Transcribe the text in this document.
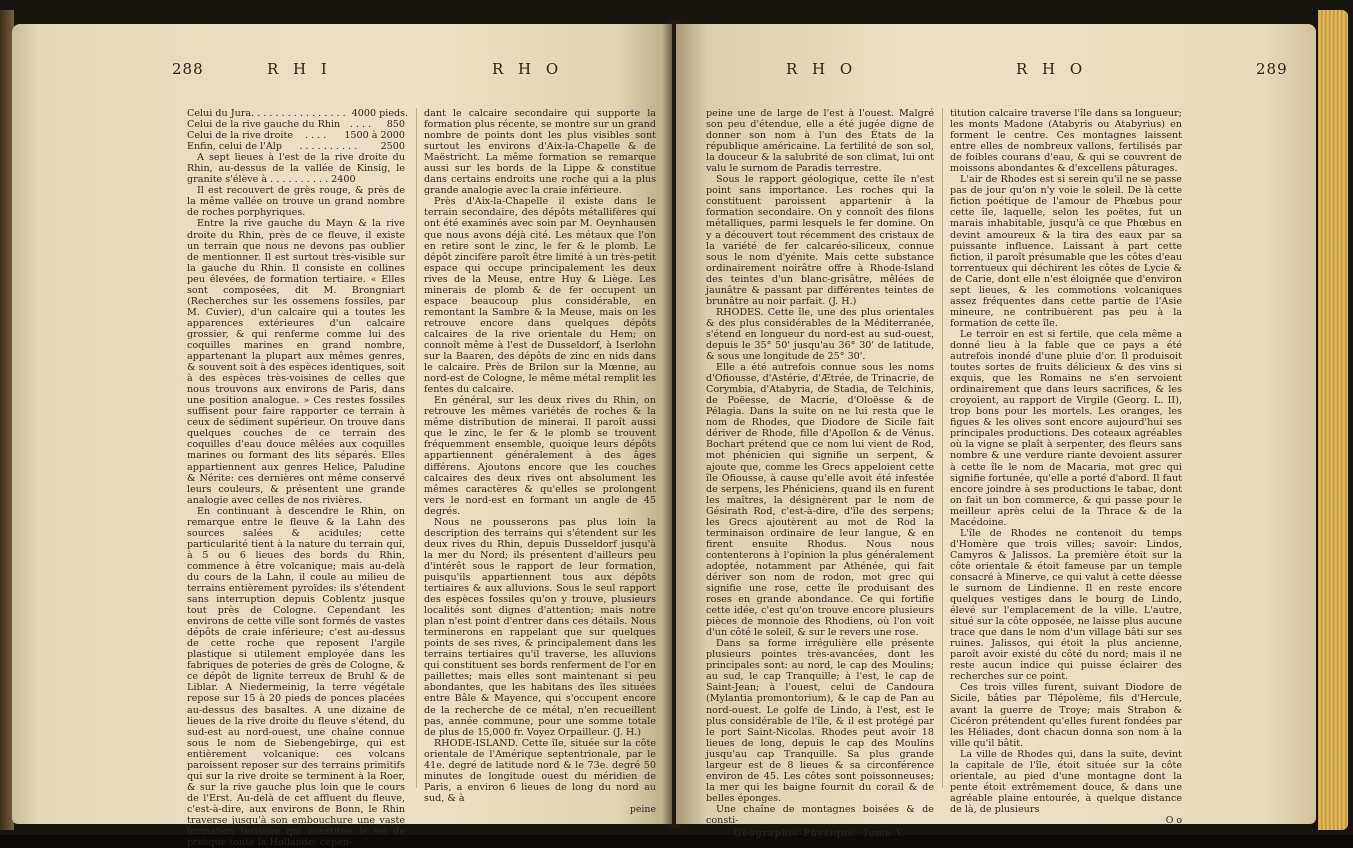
288	R H I	R H O
Celui du Jura . . . . . . . . . . . . . . . . 4000 pieds.
Celui de la rive gauche du Rhin . . . . 850
Celui de la rive droite . . . . 1500 à 2000
Enfin, celui de l'Alp . . . . . . . . . . 2500

A sept lieues à l'est de la rive droite du Rhin, au-dessus de la vallée de Kinsig, le granite s'élève à . . . . . . . . . . 2400

Il est recouvert de grès rouge, & près de la même vallée on trouve un grand nombre de roches porphyriques.

Entre la rive gauche du Mayn & la rive droite du Rhin, près de ce fleuve, il existe un terrain que nous ne devons pas oublier de mentionner. Il est surtout très-visible sur la gauche du Rhin. Il consiste en collines peu élevées, de formation tertiaire. « Elles sont composées, dit M. Brongniart (Recherches sur les ossemens fossiles, par M. Cuvier), d'un calcaire qui a toutes les apparences extérieures d'un calcaire grossier, & qui renferme comme lui des coquilles marines en grand nombre, appartenant la plupart aux mêmes genres, & souvent soit à des espèces identiques, soit à des espèces très-voisines de celles que nous trouvons aux environs de Paris, dans une position analogue. » Ces restes fossiles suffisent pour faire rapporter ce terrain à ceux de sédiment supérieur. On trouve dans quelques couches de ce terrain des coquilles d'eau douce mêlées aux coquilles marines ou formant des lits séparés. Elles appartiennent aux genres Helice, Paludine & Nérite: ces dernières ont même conservé leurs couleurs, & présentent une grande analogie avec celles de nos rivières.

En continuant à descendre le Rhin, on remarque entre le fleuve & la Lahn des sources salées & acidules; cette particularité tient à la nature du terrain qui, à 5 ou 6 lieues des bords du Rhin, commence à être volcanique; mais au-delà du cours de la Lahn, il coule au milieu de terrains entièrement pyroïdes: ils s'étendent sans interruption depuis Coblentz jusque tout près de Cologne. Cependant les environs de cette ville sont formés de vastes dépôts de craie inférieure; c'est au-dessus de cette roche que reposent l'argile plastique si utilement employée dans les fabriques de poteries de grès de Cologne, & ce dépôt de lignite terreux de Bruhl & de Liblar. A Niedermeinig, la terre végétale repose sur 15 à 20 pieds de ponces placées au-dessus des basaltes. A une dizaine de lieues de la rive droite du fleuve s'étend, du sud-est au nord-ouest, une chaîne connue sous le nom de Siebengebirge, qui est entièrement volcanique: ces volcans paroissent reposer sur des terrains primitifs qui sur la rive droite se terminent à la Roer, & sur la rive gauche plus loin que le cours de l'Erst. Au-delà de cet affluent du fleuve, c'est-à-dire, aux environs de Bonn, le Rhin traverse jusqu'à son embouchure une vaste formation tertiaire qui constitue le sol de presque toute la Hollande; cepen-

dant le calcaire secondaire qui supporte la formation plus récente, se montre sur un grand nombre de points dont les plus visibles sont surtout les environs d'Aix-la-Chapelle & de Maëstricht. La même formation se remarque aussi sur les bords de la Lippe & constitue dans certains endroits une roche qui a la plus grande analogie avec la craie inférieure.

Près d'Aix-la-Chapelle il existe dans le terrain secondaire, des dépôts métallifères qui ont été examinés avec soin par M. Oeynhausen que nous avons déjà cité. Les métaux que l'on en retire sont le zinc, le fer & le plomb. Le dépôt zincifère paroît être limité à un très-petit espace qui occupe principalement les deux rives de la Meuse, entre Huy & Liège. Les minerais de plomb & de fer occupent un espace beaucoup plus considérable, en remontant la Sambre & la Meuse, mais on les retrouve encore dans quelques dépôts calcaires de la rive orientale du Hem; on connoît même à l'est de Dusseldorf, à Iserlohn sur la Baaren, des dépôts de zinc en nids dans le calcaire. Près de Brilon sur la Mœnne, au nord-est de Cologne, le même métal remplit les fentes du calcaire.

En général, sur les deux rives du Rhin, on retrouve les mêmes variétés de roches & la même distribution de minerai. Il paroît aussi que le zinc, le fer & le plomb se trouvent fréquemment ensemble, quoique leurs dépôts appartiennent généralement à des âges différens. Ajoutons encore que les couches calcaires des deux rives ont absolument les mêmes caractères & qu'elles se prolongent vers le nord-est en formant un angle de 45 degrés.

Nous ne pousserons pas plus loin la description des terrains qui s'étendent sur les deux rives du Rhin, depuis Dusseldorf jusqu'à la mer du Nord; ils présentent d'ailleurs peu d'intérêt sous le rapport de leur formation, puisqu'ils appartiennent tous aux dépôts tertiaires & aux alluvions. Sous le seul rapport des espèces fossiles qu'on y trouve, plusieurs localités sont dignes d'attention; mais notre plan n'est point d'entrer dans ces détails. Nous terminerons en rappelant que sur quelques points de ses rives, & principalement dans les terrains tertiaires qu'il traverse, les alluvions qui constituent ses bords renferment de l'or en paillettes; mais elles sont maintenant si peu abondantes, que les habitans des îles situées entre Bâle & Mayence, qui s'occupent encore de la recherche de ce métal, n'en recueillent pas, année commune, pour une somme totale de plus de 15,000 fr. Voyez Orpailleur. (J. H.)

RHODE-ISLAND. Cette île, située sur la côte orientale de l'Amérique septentrionale, par le 41e. degré de latitude nord & le 73e. degré 50 minutes de longitude ouest du méridien de Paris, a environ 6 lieues de long du nord au sud, & à

peine
R H O	R H O	289

peine une de large de l'est à l'ouest. Malgré son peu d'étendue, elle a été jugée digne de donner son nom à l'un des États de la république américaine. La fertilité de son sol, la douceur & la salubrité de son climat, lui ont valu le surnom de Paradis terrestre.

Sous le rapport géologique, cette île n'est point sans importance. Les roches qui la constituent paroissent appartenir à la formation secondaire. On y connoît des filons métalliques, parmi lesquels le fer domine. On y a découvert tout récemment des cristaux de la variété de fer calcaréo-siliceux, connue sous le nom d'yénite. Mais cette substance ordinairement noirâtre offre à Rhode-Island des teintes d'un blanc-grisâtre, mêlées de jaunâtre & passant par différentes teintes de brunâtre au noir parfait. (J. H.)

RHODES. Cette île, une des plus orientales & des plus considérables de la Méditerranée, s'étend en longueur du nord-est au sud-ouest, depuis le 35° 50' jusqu'au 36° 30' de latitude, & sous une longitude de 25° 30'.

Elle a été autrefois connue sous les noms d'Ofiousse, d'Astérie, d'Ætrée, de Trinacrie, de Corymbia, d'Atabyria, de Stadia, de Telchinis, de Poëesse, de Macrie, d'Oloësse & de Pélagia. Dans la suite on ne lui resta que le nom de Rhodes, que Diodore de Sicile fait dériver de Rhode, fille d'Apollon & de Vénus. Bochart prétend que ce nom lui vient de Rod, mot phénicien qui signifie un serpent, & ajoute que, comme les Grecs appeloient cette île Ofiousse, à cause qu'elle avoit été infestée de serpens, les Phéniciens, quand ils en furent les maîtres, la désignèrent par le nom de Gésirath Rod, c'est-à-dire, d'île des serpens; les Grecs ajoutèrent au mot de Rod la terminaison ordinaire de leur langue, & en firent ensuite Rhodus. Nous nous contenterons à l'opinion la plus généralement adoptée, notamment par Athénée, qui fait dériver son nom de rodon, mot grec qui signifie une rose, cette île produisant des roses en grande abondance. Ce qui fortifie cette idée, c'est qu'on trouve encore plusieurs pièces de monnoie des Rhodiens, où l'on voit d'un côté le soleil, & sur le revers une rose.

Dans sa forme irrégulière elle présente plusieurs pointes très-avancées, dont les principales sont: au nord, le cap des Moulins; au sud, le cap Tranquille; à l'est, le cap de Saint-Jean; à l'ouest, celui de Candoura (Mylantia promontorium), & le cap de Pan au nord-ouest. Le golfe de Lindo, à l'est, est le plus considérable de l'île, & il est protégé par le port Saint-Nicolas. Rhodes peut avoir 18 lieues de long, depuis le cap des Moulins jusqu'au cap Tranquille. Sa plus grande largeur est de 8 lieues & sa circonférence environ de 45. Les côtes sont poissonneuses; la mer qui les baigne fournit du corail & de belles éponges.

Une chaîne de montagnes boisées & de consti-

Géographie-Physique. Tome V.

titution calcaire traverse l'île dans sa longueur; les monts Madone (Atabyris ou Atabyrius) en forment le centre. Ces montagnes laissent entre elles de nombreux vallons, fertilisés par de foibles courans d'eau, & qui se couvrent de moissons abondantes & d'excellens pâturages.

L'air de Rhodes est si serein qu'il ne se passe pas de jour qu'on n'y voie le soleil. De là cette fiction poétique de l'amour de Phœbus pour cette île, laquelle, selon les poëtes, fut un marais inhabitable, jusqu'à ce que Phœbus en devint amoureux & la tira des eaux par sa puissante influence. Laissant à part cette fiction, il paroît présumable que les côtes d'eau torrentueux qui déchirent les côtes de Lycie & de Carie, dont elle n'est éloignée que d'environ sept lieues, & les commotions volcaniques assez fréquentes dans cette partie de l'Asie mineure, ne contribuèrent pas peu à la formation de cette île.

Le terroir en est si fertile, que cela même a donné lieu à la fable que ce pays a été autrefois inondé d'une pluie d'or. Il produisoit toutes sortes de fruits délicieux & des vins si exquis, que les Romains ne s'en servoient ordinairement que dans leurs sacrifices, & les croyoient, au rapport de Virgile (Georg. L. II), trop bons pour les mortels. Les oranges, les figues & les olives sont encore aujourd'hui ses principales productions. Des coteaux agréables où la vigne se plaît à serpenter, des fleurs sans nombre & une verdure riante devoient assurer à cette île le nom de Macaria, mot grec qui signifie fortunée, qu'elle a porté d'abord. Il faut encore joindre à ses productions le tabac, dont on fait un bon commerce, & qui passe pour le meilleur après celui de la Thrace & de la Macédoine.

L'île de Rhodes ne contenoit du temps d'Homère que trois villes; savoir: Lindos, Camyros & Jalissos. La première étoit sur la côte orientale & étoit fameuse par un temple consacré à Minerve, ce qui valut à cette déesse le surnom de Lindienne. Il en reste encore quelques vestiges dans le bourg de Lindo, élevé sur l'emplacement de la ville. L'autre, situé sur la côte opposée, ne laisse plus aucune trace que dans le nom d'un village bâti sur ses ruines. Jalissos, qui étoit la plus ancienne, paroît avoir existé du côté du nord; mais il ne reste aucun indice qui puisse éclairer des recherches sur ce point.

Ces trois villes furent, suivant Diodore de Sicile, bâties par Tlépolème, fils d'Hercule, avant la guerre de Troye; mais Strabon & Cicéron prétendent qu'elles furent fondées par les Héliades, dont chacun donna son nom à la ville qu'il bâtit.

La ville de Rhodes qui, dans la suite, devint la capitale de l'île, étoit située sur la côte orientale, au pied d'une montagne dont la pente étoit extrêmement douce, & dans une agréable plaine entourée, à quelque distance de là, de plusieurs

O o
